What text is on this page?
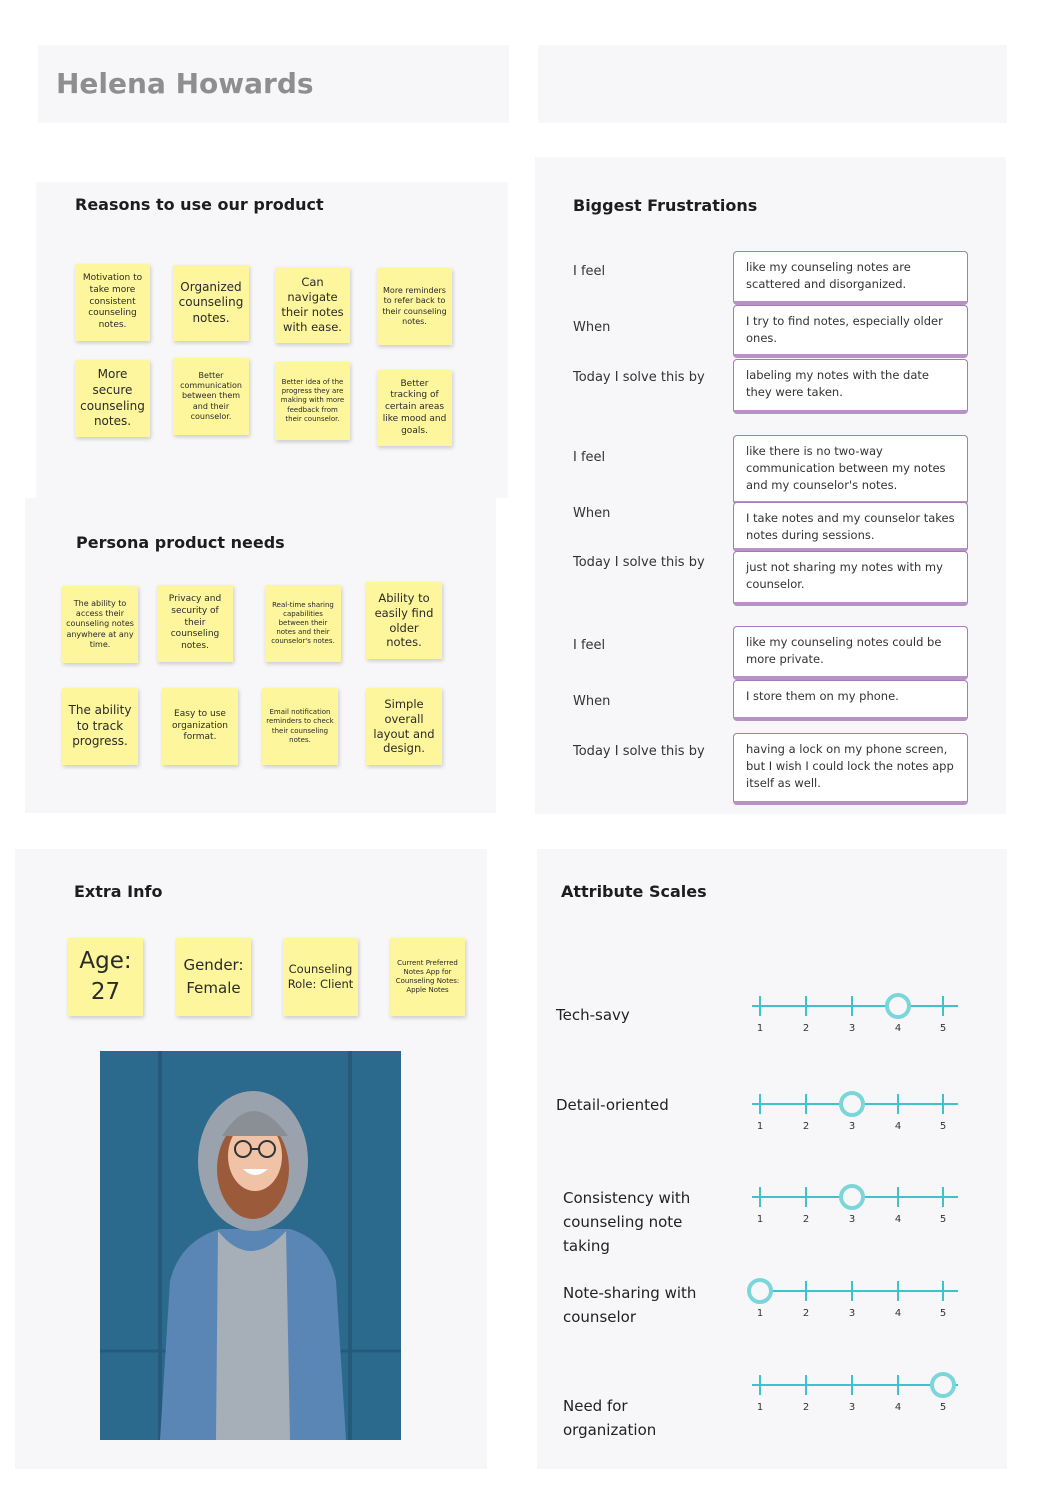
Helena Howards
Reasons to use our product
Motivation to take more consistent counseling notes.
Organized counseling notes.
Can navigate their notes with ease.
More reminders to refer back to their counseling notes.
More secure counseling notes.
Better communication between them and their counselor.
Better idea of the progress they are making with more feedback from their counselor.
Better tracking of certain areas like mood and goals.
Persona product needs
The ability to access their counseling notes anywhere at any time.
Privacy and security of their counseling notes.
Real-time sharing capabilities between their notes and their counselor's notes.
Ability to easily find older notes.
The ability to track progress.
Easy to use organization format.
Email notification reminders to check their counseling notes.
Simple overall layout and design.
Biggest Frustrations
I feel	like my counseling notes are scattered and disorganized.
When	I try to find notes, especially older ones.
Today I solve this by	labeling my notes with the date they were taken.
I feel	like there is no two-way communication between my notes and my counselor's notes.
When	I take notes and my counselor takes notes during sessions.
Today I solve this by	just not sharing my notes with my counselor.
I feel	like my counseling notes could be more private.
When	I store them on my phone.
Today I solve this by	having a lock on my phone screen, but I wish I could lock the notes app itself as well.
Extra Info
Age:
27
Gender:
Female
Counseling Role: Client
Current Preferred Notes App for Counseling Notes: Apple Notes
Attribute Scales
Tech-savy
Detail-oriented
Consistency with counseling note taking
Note-sharing with counselor
Need for organization
1	2	3	4	5
1	2	3	4	5
1	2	3	4	5
1	2	3	4	5
1	2	3	4	5
